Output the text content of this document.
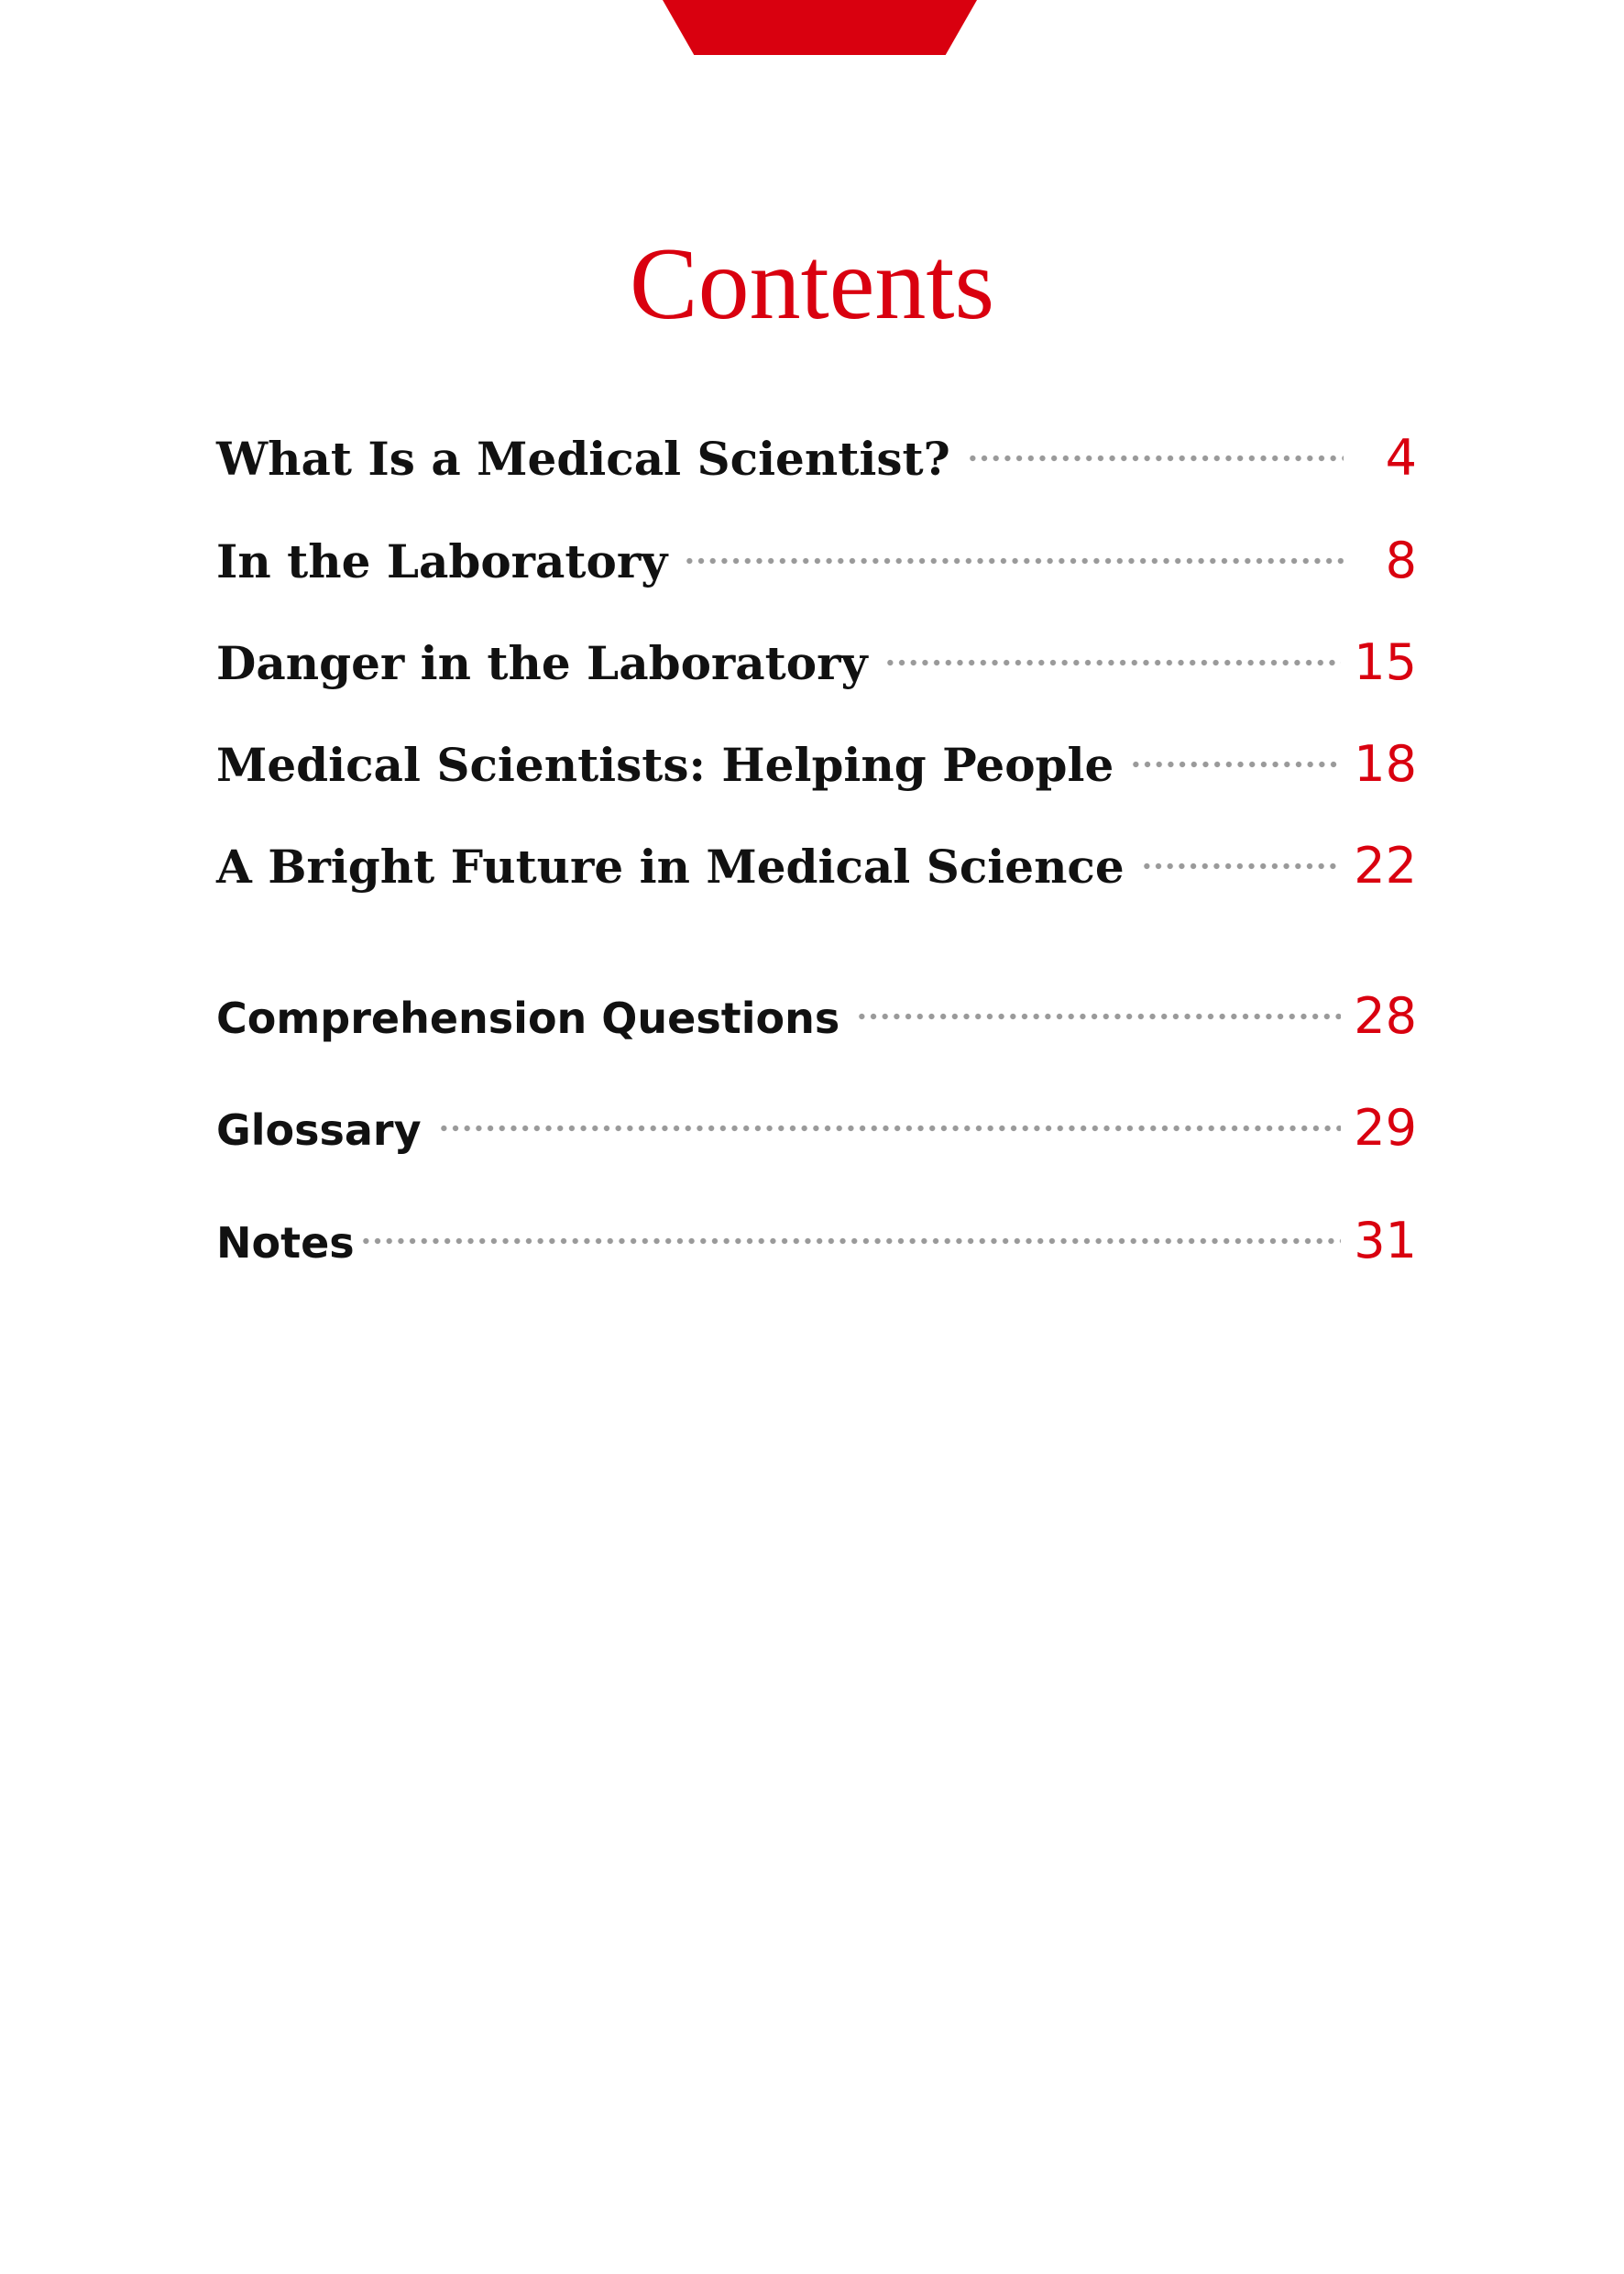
Contents
What Is a Medical Scientist?	4
In the Laboratory	8
Danger in the Laboratory	15
Medical Scientists: Helping People	18
A Bright Future in Medical Science	22
Comprehension Questions	28
Glossary	29
Notes	31
